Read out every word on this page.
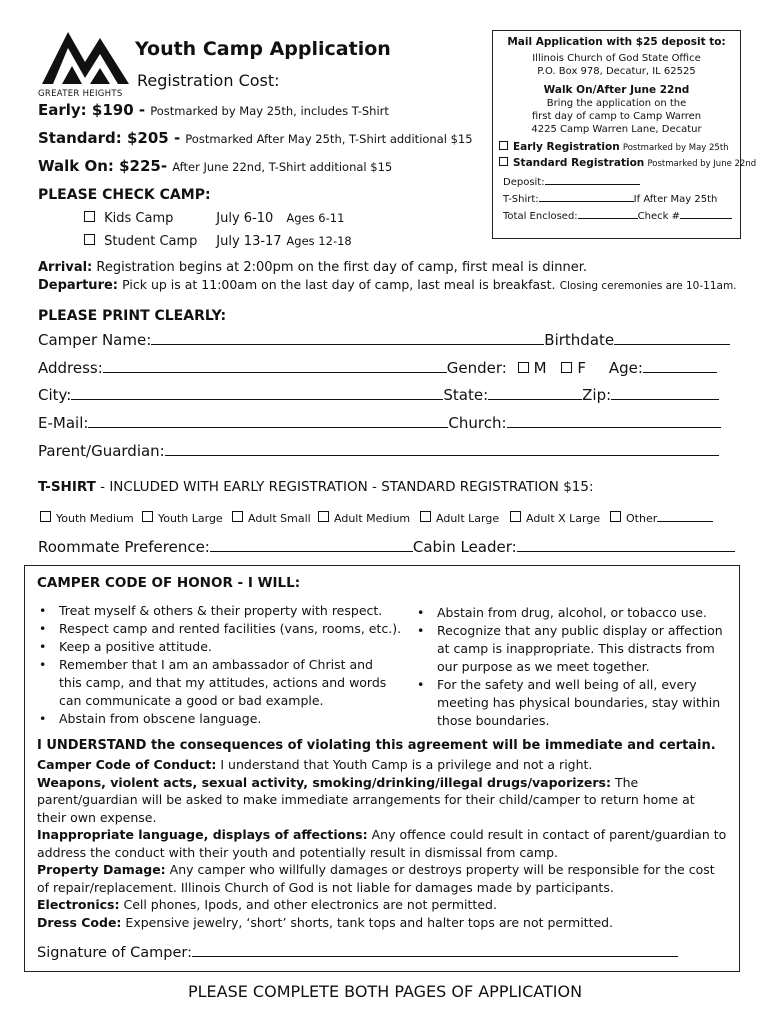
GREATER HEIGHTS
Youth Camp Application
Registration Cost:
Early: $190 - Postmarked by May 25th, includes T-Shirt
Standard: $205 - Postmarked After May 25th, T-Shirt additional $15
Walk On: $225- After June 22nd, T-Shirt additional $15
Mail Application with $25 deposit to:
Illinois Church of God State Office
P.O. Box 978, Decatur, IL 62525
Walk On/After June 22nd
Bring the application on the
first day of camp to Camp Warren
4225 Camp Warren Lane, Decatur
Early Registration Postmarked by May 25th
Standard Registration Postmarked by June 22nd
Deposit:
T-Shirt:	If After May 25th
Total Enclosed:	Check #
PLEASE CHECK CAMP:
Kids Camp	July 6-10 Ages 6-11
Student Camp July 13-17 Ages 12-18
Arrival: Registration begins at 2:00pm on the first day of camp, first meal is dinner.
Departure: Pick up is at 11:00am on the last day of camp, last meal is breakfast. Closing ceremonies are 10-11am.
PLEASE PRINT CLEARLY:
Camper Name:	Birthdate
Address:	Gender: M F Age:
City:	State:	Zip:
E-Mail:	Church:
Parent/Guardian:
T-SHIRT - INCLUDED WITH EARLY REGISTRATION - STANDARD REGISTRATION $15:
Youth Medium Youth Large Adult Small Adult Medium Adult Large Adult X Large Other
Roommate Preference:	Cabin Leader:
CAMPER CODE OF HONOR - I WILL:
• Treat myself & others & their property with respect.
• Respect camp and rented facilities (vans, rooms, etc.).
• Keep a positive attitude.
• Remember that I am an ambassador of Christ and this camp, and that my attitudes, actions and words can communicate a good or bad example.
• Abstain from obscene language.
• Abstain from drug, alcohol, or tobacco use.
• Recognize that any public display or affection at camp is inappropriate. This distracts from our purpose as we meet together.
• For the safety and well being of all, every meeting has physical boundaries, stay within those boundaries.
I UNDERSTAND the consequences of violating this agreement will be immediate and certain.
Camper Code of Conduct: I understand that Youth Camp is a privilege and not a right.
Weapons, violent acts, sexual activity, smoking/drinking/illegal drugs/vaporizers: The parent/guardian will be asked to make immediate arrangements for their child/camper to return home at their own expense.
Inappropriate language, displays of affections: Any offence could result in contact of parent/guardian to address the conduct with their youth and potentially result in dismissal from camp.
Property Damage: Any camper who willfully damages or destroys property will be responsible for the cost of repair/replacement. Illinois Church of God is not liable for damages made by participants.
Electronics: Cell phones, Ipods, and other electronics are not permitted.
Dress Code: Expensive jewelry, ‘short’ shorts, tank tops and halter tops are not permitted.
Signature of Camper:
PLEASE COMPLETE BOTH PAGES OF APPLICATION
